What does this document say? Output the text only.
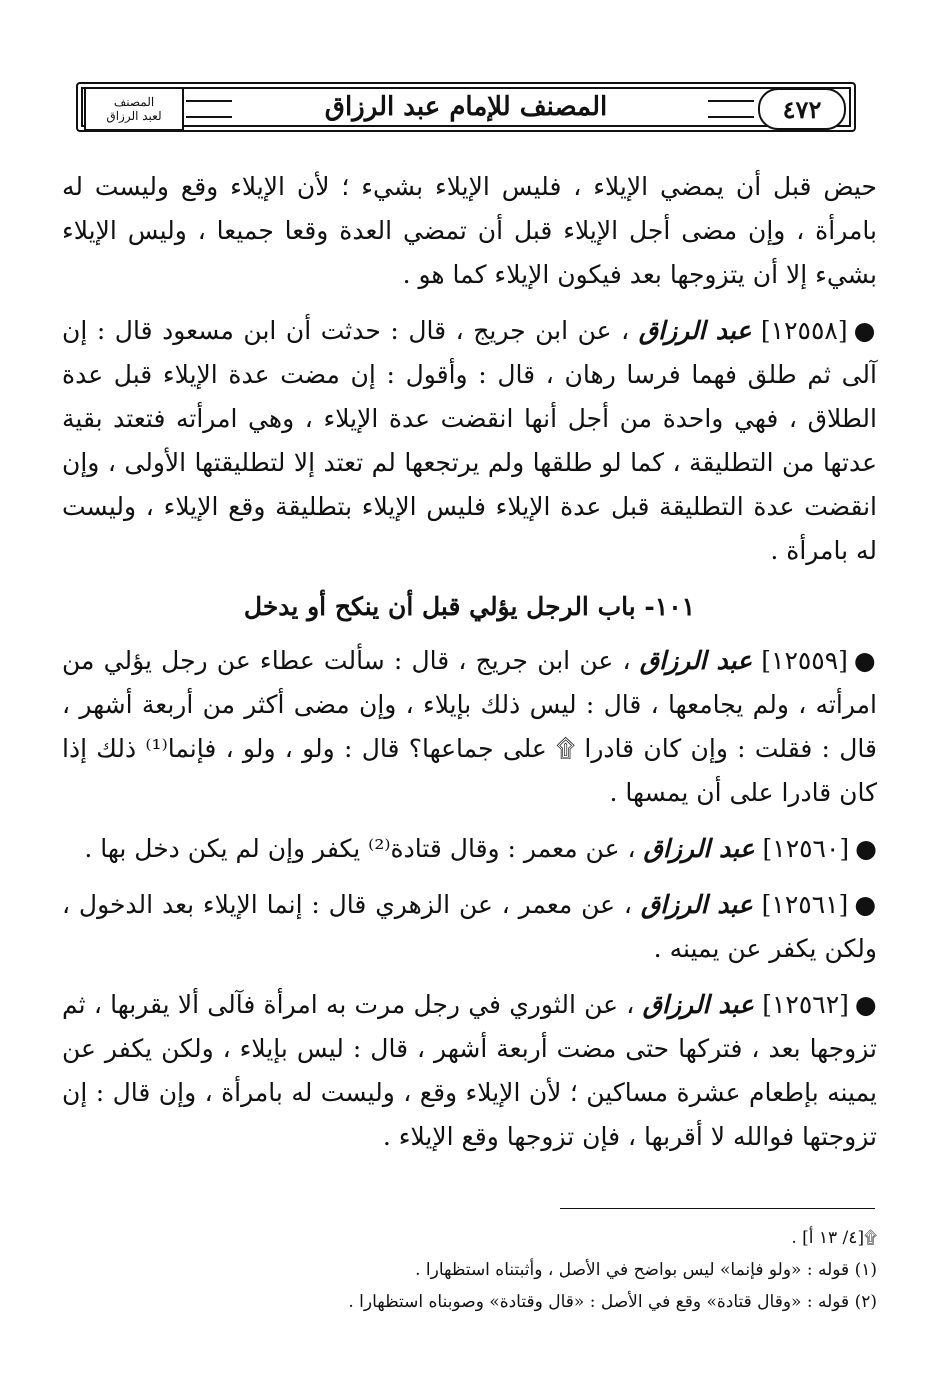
المصنف
لعبد الرزاق	المصنف للإمام عبد الرزاق	٤٧٢

حيض قبل أن يمضي الإيلاء ، فليس الإيلاء بشيء ؛ لأن الإيلاء وقع وليست له بامرأة ، وإن مضى أجل الإيلاء قبل أن تمضي العدة وقعا جميعا ، وليس الإيلاء بشيء إلا أن يتزوجها بعد فيكون الإيلاء كما هو .

●[١٢٥٥٨] عبد الرزاق ، عن ابن جريج ، قال : حدثت أن ابن مسعود قال : إن آلى ثم طلق فهما فرسا رهان ، قال : وأقول : إن مضت عدة الإيلاء قبل عدة الطلاق ، فهي واحدة من أجل أنها انقضت عدة الإيلاء ، وهي امرأته فتعتد بقية عدتها من التطليقة ، كما لو طلقها ولم يرتجعها لم تعتد إلا لتطليقتها الأولى ، وإن انقضت عدة التطليقة قبل عدة الإيلاء فليس الإيلاء بتطليقة وقع الإيلاء ، وليست له بامرأة .

١٠١- باب الرجل يؤلي قبل أن ينكح أو يدخل

●[١٢٥٥٩] عبد الرزاق ، عن ابن جريج ، قال : سألت عطاء عن رجل يؤلي من امرأته ، ولم يجامعها ، قال : ليس ذلك بإيلاء ، وإن مضى أكثر من أربعة أشهر ، قال : فقلت : وإن كان قادرا ۩ على جماعها؟ قال : ولو ، ولو ، فإنما⁽¹⁾ ذلك إذا كان قادرا على أن يمسها .

●[١٢٥٦٠] عبد الرزاق ، عن معمر : وقال قتادة⁽²⁾ يكفر وإن لم يكن دخل بها .

●[١٢٥٦١] عبد الرزاق ، عن معمر ، عن الزهري قال : إنما الإيلاء بعد الدخول ، ولكن يكفر عن يمينه .

●[١٢٥٦٢] عبد الرزاق ، عن الثوري في رجل مرت به امرأة فآلى ألا يقربها ، ثم تزوجها بعد ، فتركها حتى مضت أربعة أشهر ، قال : ليس بإيلاء ، ولكن يكفر عن يمينه بإطعام عشرة مساكين ؛ لأن الإيلاء وقع ، وليست له بامرأة ، وإن قال : إن تزوجتها فوالله لا أقربها ، فإن تزوجها وقع الإيلاء .

۩[٤/ ١٣ أ] .
(١) قوله : «ولو فإنما» ليس بواضح في الأصل ، وأثبتناه استظهارا .
(٢) قوله : «وقال قتادة» وقع في الأصل : «قال وقتادة» وصوبناه استظهارا .
